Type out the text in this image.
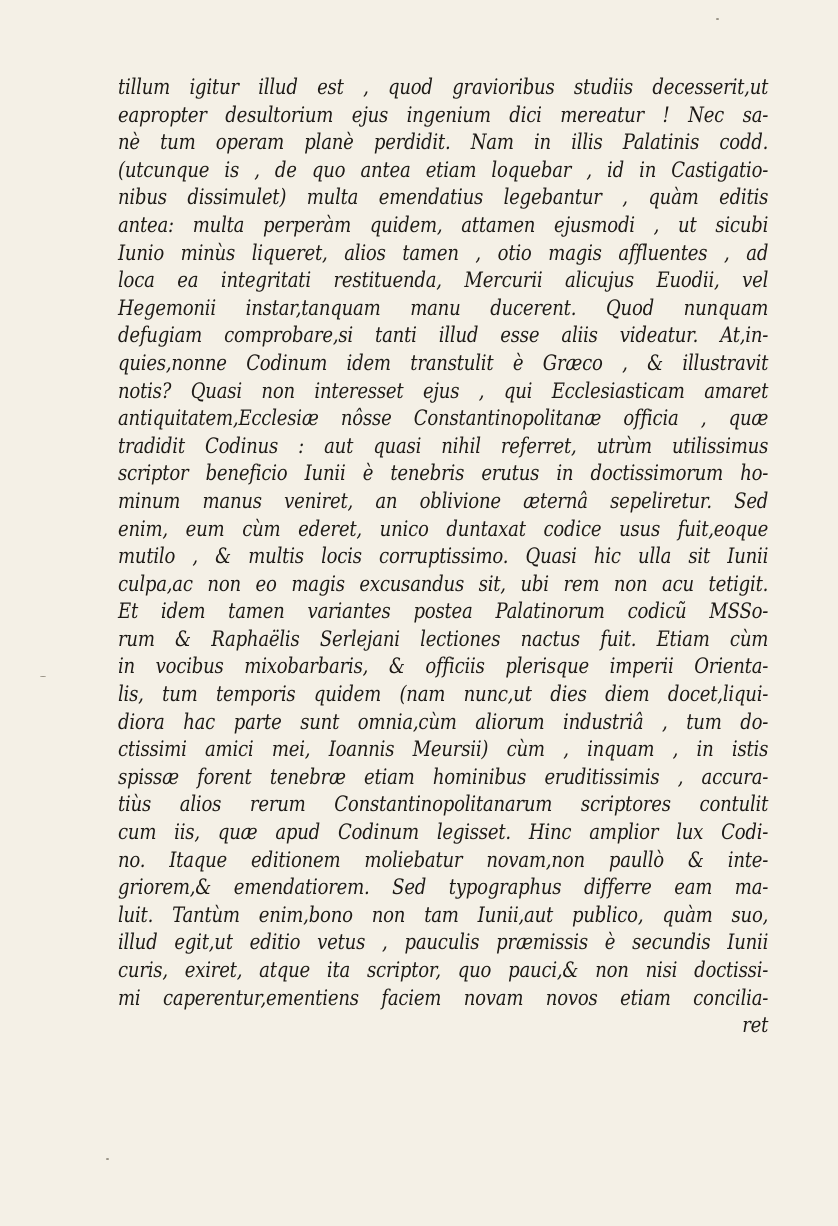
tillum igitur illud est , quod gravioribus studiis decesserit,ut
eapropter desultorium ejus ingenium dici mereatur ! Nec sa-
nè tum operam planè perdidit. Nam in illis Palatinis codd.
(utcunque is , de quo antea etiam loquebar , id in Castigatio-
nibus dissimulet) multa emendatius legebantur , quàm editis
antea: multa perperàm quidem, attamen ejusmodi , ut sicubi
Iunio minùs liqueret, alios tamen , otio magis affluentes , ad
loca ea integritati restituenda, Mercurii alicujus Euodii, vel
Hegemonii instar,tanquam manu ducerent. Quod nunquam
defugiam comprobare,si tanti illud esse aliis videatur. At,in-
quies,nonne Codinum idem transtulit è Græco , & illustravit
notis? Quasi non interesset ejus , qui Ecclesiasticam amaret
antiquitatem,Ecclesiæ nôsse Constantinopolitanæ officia , quæ
tradidit Codinus : aut quasi nihil referret, utrùm utilissimus
scriptor beneficio Iunii è tenebris erutus in doctissimorum ho-
minum manus veniret, an oblivione æternâ sepeliretur. Sed
enim, eum cùm ederet, unico duntaxat codice usus fuit,eoque
mutilo , & multis locis corruptissimo. Quasi hic ulla sit Iunii
culpa,ac non eo magis excusandus sit, ubi rem non acu tetigit.
Et idem tamen variantes postea Palatinorum codicũ MSSo-
rum & Raphaëlis Serlejani lectiones nactus fuit. Etiam cùm
in vocibus mixobarbaris, & officiis plerisque imperii Orienta-
lis, tum temporis quidem (nam nunc,ut dies diem docet,liqui-
diora hac parte sunt omnia,cùm aliorum industriâ , tum do-
ctissimi amici mei, Ioannis Meursii) cùm , inquam , in istis
spissæ forent tenebræ etiam hominibus eruditissimis , accura-
tiùs alios rerum Constantinopolitanarum scriptores contulit
cum iis, quæ apud Codinum legisset. Hinc amplior lux Codi-
no. Itaque editionem moliebatur novam,non paullò & inte-
griorem,& emendatiorem. Sed typographus differre eam ma-
luit. Tantùm enim,bono non tam Iunii,aut publico, quàm suo,
illud egit,ut editio vetus , pauculis præmissis è secundis Iunii
curis, exiret, atque ita scriptor, quo pauci,& non nisi doctissi-
mi caperentur,ementiens faciem novam novos etiam concilia-
ret
